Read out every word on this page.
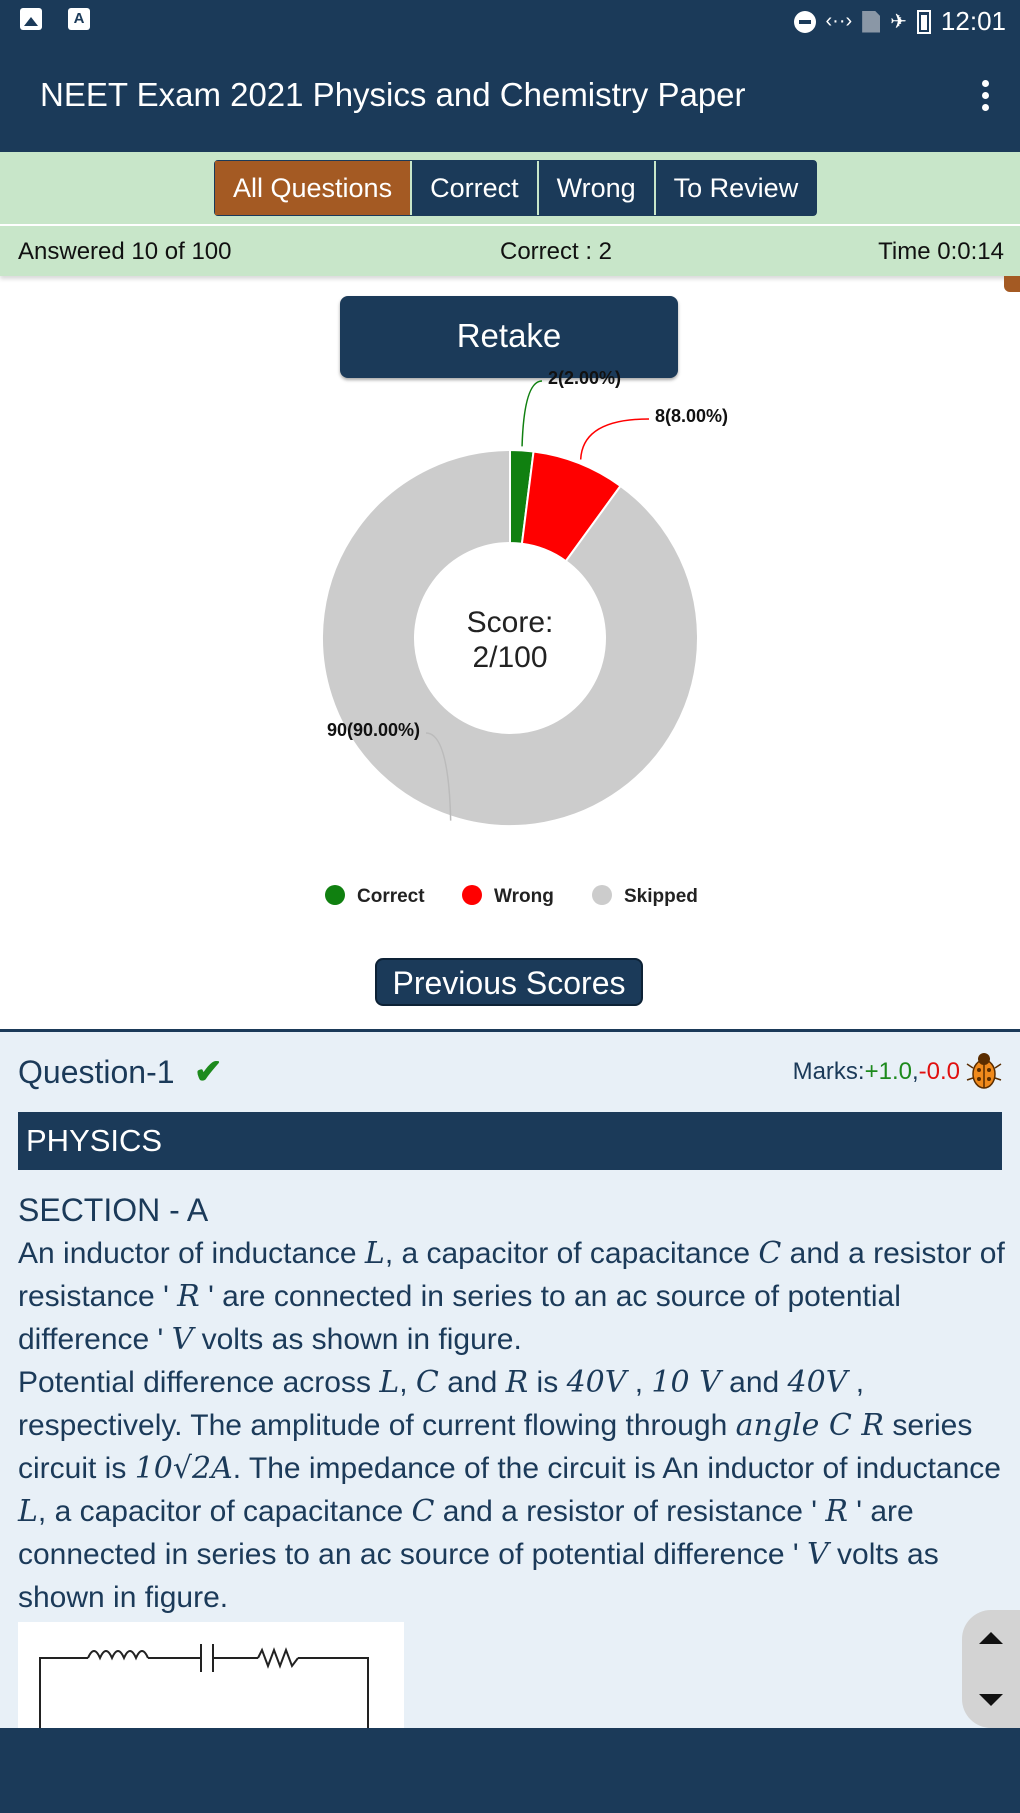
A	‹··› ✈ 12:01
NEET Exam 2021 Physics and Chemistry Paper
All Questions	Correct	Wrong	To Review
Answered 10 of 100	Correct : 2	Time 0:0:14
Retake
2(2.00%)
8(8.00%)
90(90.00%)
Score:
2/100
Correct	Wrong	Skipped
Previous Scores
Question-1 ✔	Marks:+1.0,-0.0
PHYSICS
SECTION - A
An inductor of inductance L, a capacitor of capacitance C and a resistor of resistance ' R ' are connected in series to an ac source of potential difference ' V volts as shown in figure.
Potential difference across L, C and R is 40V , 10 V and 40V , respectively. The amplitude of current flowing through angle C R series circuit is 10√2A. The impedance of the circuit is An inductor of inductance L, a capacitor of capacitance C and a resistor of resistance ' R ' are connected in series to an ac source of potential difference ' V volts as shown in figure.
